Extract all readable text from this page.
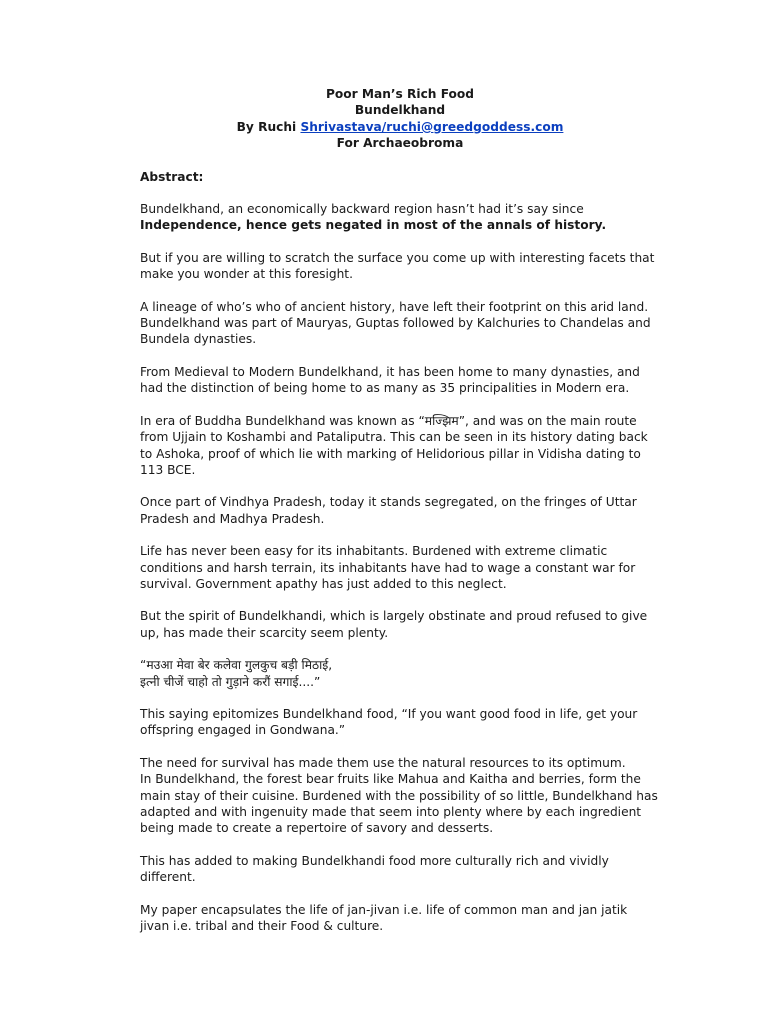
Poor Man’s Rich Food
Bundelkhand
By Ruchi Shrivastava/ruchi@greedgoddess.com
For Archaeobroma
Abstract:

Bundelkhand, an economically backward region hasn’t had it’s say since Independence, hence gets negated in most of the annals of history.

But if you are willing to scratch the surface you come up with interesting facets that make you wonder at this foresight.

A lineage of who’s who of ancient history, have left their footprint on this arid land. Bundelkhand was part of Mauryas, Guptas followed by Kalchuries to Chandelas and Bundela dynasties.

From Medieval to Modern Bundelkhand, it has been home to many dynasties, and had the distinction of being home to as many as 35 principalities in Modern era.

In era of Buddha Bundelkhand was known as “मज्झिम”, and was on the main route from Ujjain to Koshambi and Pataliputra. This can be seen in its history dating back to Ashoka, proof of which lie with marking of Helidorious pillar in Vidisha dating to 113 BCE.

Once part of Vindhya Pradesh, today it stands segregated, on the fringes of Uttar Pradesh and Madhya Pradesh.

Life has never been easy for its inhabitants. Burdened with extreme climatic conditions and harsh terrain, its inhabitants have had to wage a constant war for survival. Government apathy has just added to this neglect.

But the spirit of Bundelkhandi, which is largely obstinate and proud refused to give up, has made their scarcity seem plenty.

“मउआ मेवा बेर कलेवा गुलकुच बड़ी मिठाई,
इत्नी चीजें चाहो तो गुड़ाने करौं सगाई....”

This saying epitomizes Bundelkhand food, “If you want good food in life, get your offspring engaged in Gondwana.”

The need for survival has made them use the natural resources to its optimum.

In Bundelkhand, the forest bear fruits like Mahua and Kaitha and berries, form the main stay of their cuisine. Burdened with the possibility of so little, Bundelkhand has adapted and with ingenuity made that seem into plenty where by each ingredient being made to create a repertoire of savory and desserts.

This has added to making Bundelkhandi food more culturally rich and vividly different.

My paper encapsulates the life of jan-jivan i.e. life of common man and jan jatik jivan i.e. tribal and their Food & culture.
